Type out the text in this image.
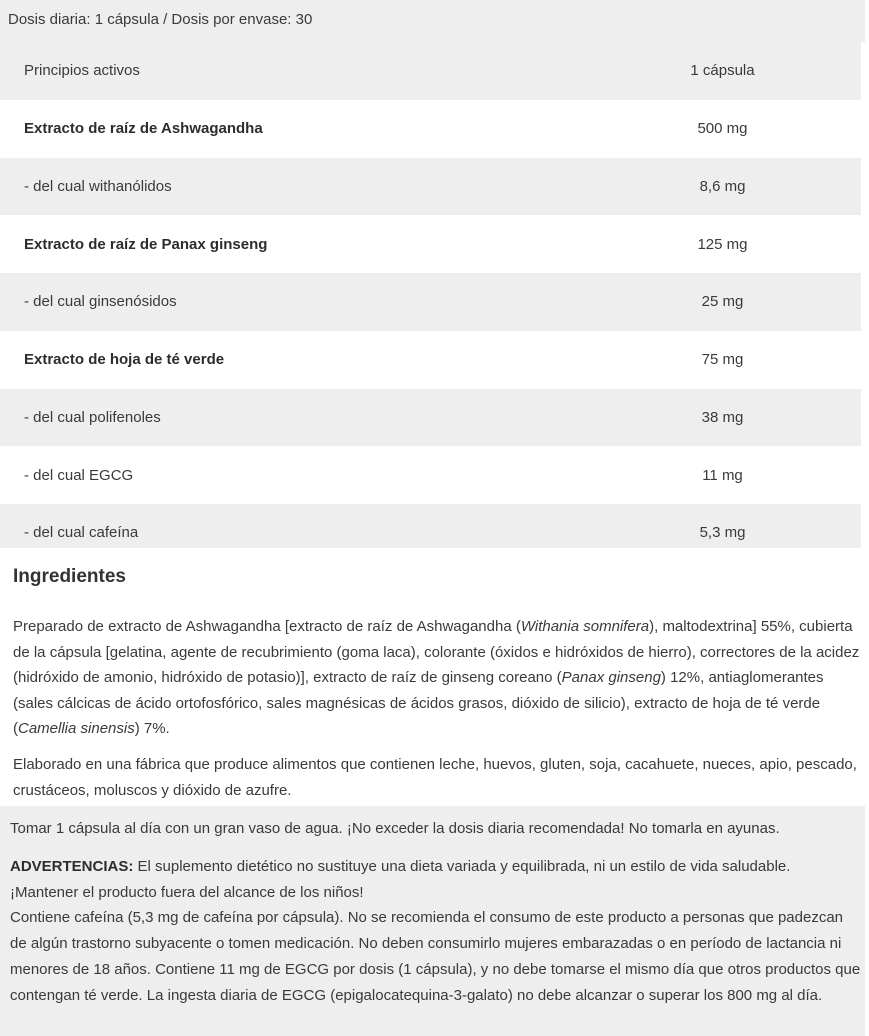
Dosis diaria: 1 cápsula / Dosis por envase: 30
Principios activos	1 cápsula
Extracto de raíz de Ashwagandha	500 mg
- del cual withanólidos	8,6 mg
Extracto de raíz de Panax ginseng	125 mg
- del cual ginsenósidos	25 mg
Extracto de hoja de té verde	75 mg
- del cual polifenoles	38 mg
- del cual EGCG	11 mg
- del cual cafeína	5,3 mg
Ingredientes

Preparado de extracto de Ashwagandha [extracto de raíz de Ashwagandha (Withania somnifera), maltodextrina] 55%, cubierta de la cápsula [gelatina, agente de recubrimiento (goma laca), colorante (óxidos e hidróxidos de hierro), correctores de la acidez (hidróxido de amonio, hidróxido de potasio)], extracto de raíz de ginseng coreano (Panax ginseng) 12%, antiaglomerantes (sales cálcicas de ácido ortofosfórico, sales magnésicas de ácidos grasos, dióxido de silicio), extracto de hoja de té verde (Camellia sinensis) 7%.

Elaborado en una fábrica que produce alimentos que contienen leche, huevos, gluten, soja, cacahuete, nueces, apio, pescado, crustáceos, moluscos y dióxido de azufre.

Tomar 1 cápsula al día con un gran vaso de agua. ¡No exceder la dosis diaria recomendada! No tomarla en ayunas.
ADVERTENCIAS: El suplemento dietético no sustituye una dieta variada y equilibrada, ni un estilo de vida saludable. ¡Mantener el producto fuera del alcance de los niños!
Contiene cafeína (5,3 mg de cafeína por cápsula). No se recomienda el consumo de este producto a personas que padezcan de algún trastorno subyacente o tomen medicación. No deben consumirlo mujeres embarazadas o en período de lactancia ni menores de 18 años. Contiene 11 mg de EGCG por dosis (1 cápsula), y no debe tomarse el mismo día que otros productos que contengan té verde. La ingesta diaria de EGCG (epigalocatequina-3-galato) no debe alcanzar o superar los 800 mg al día.
